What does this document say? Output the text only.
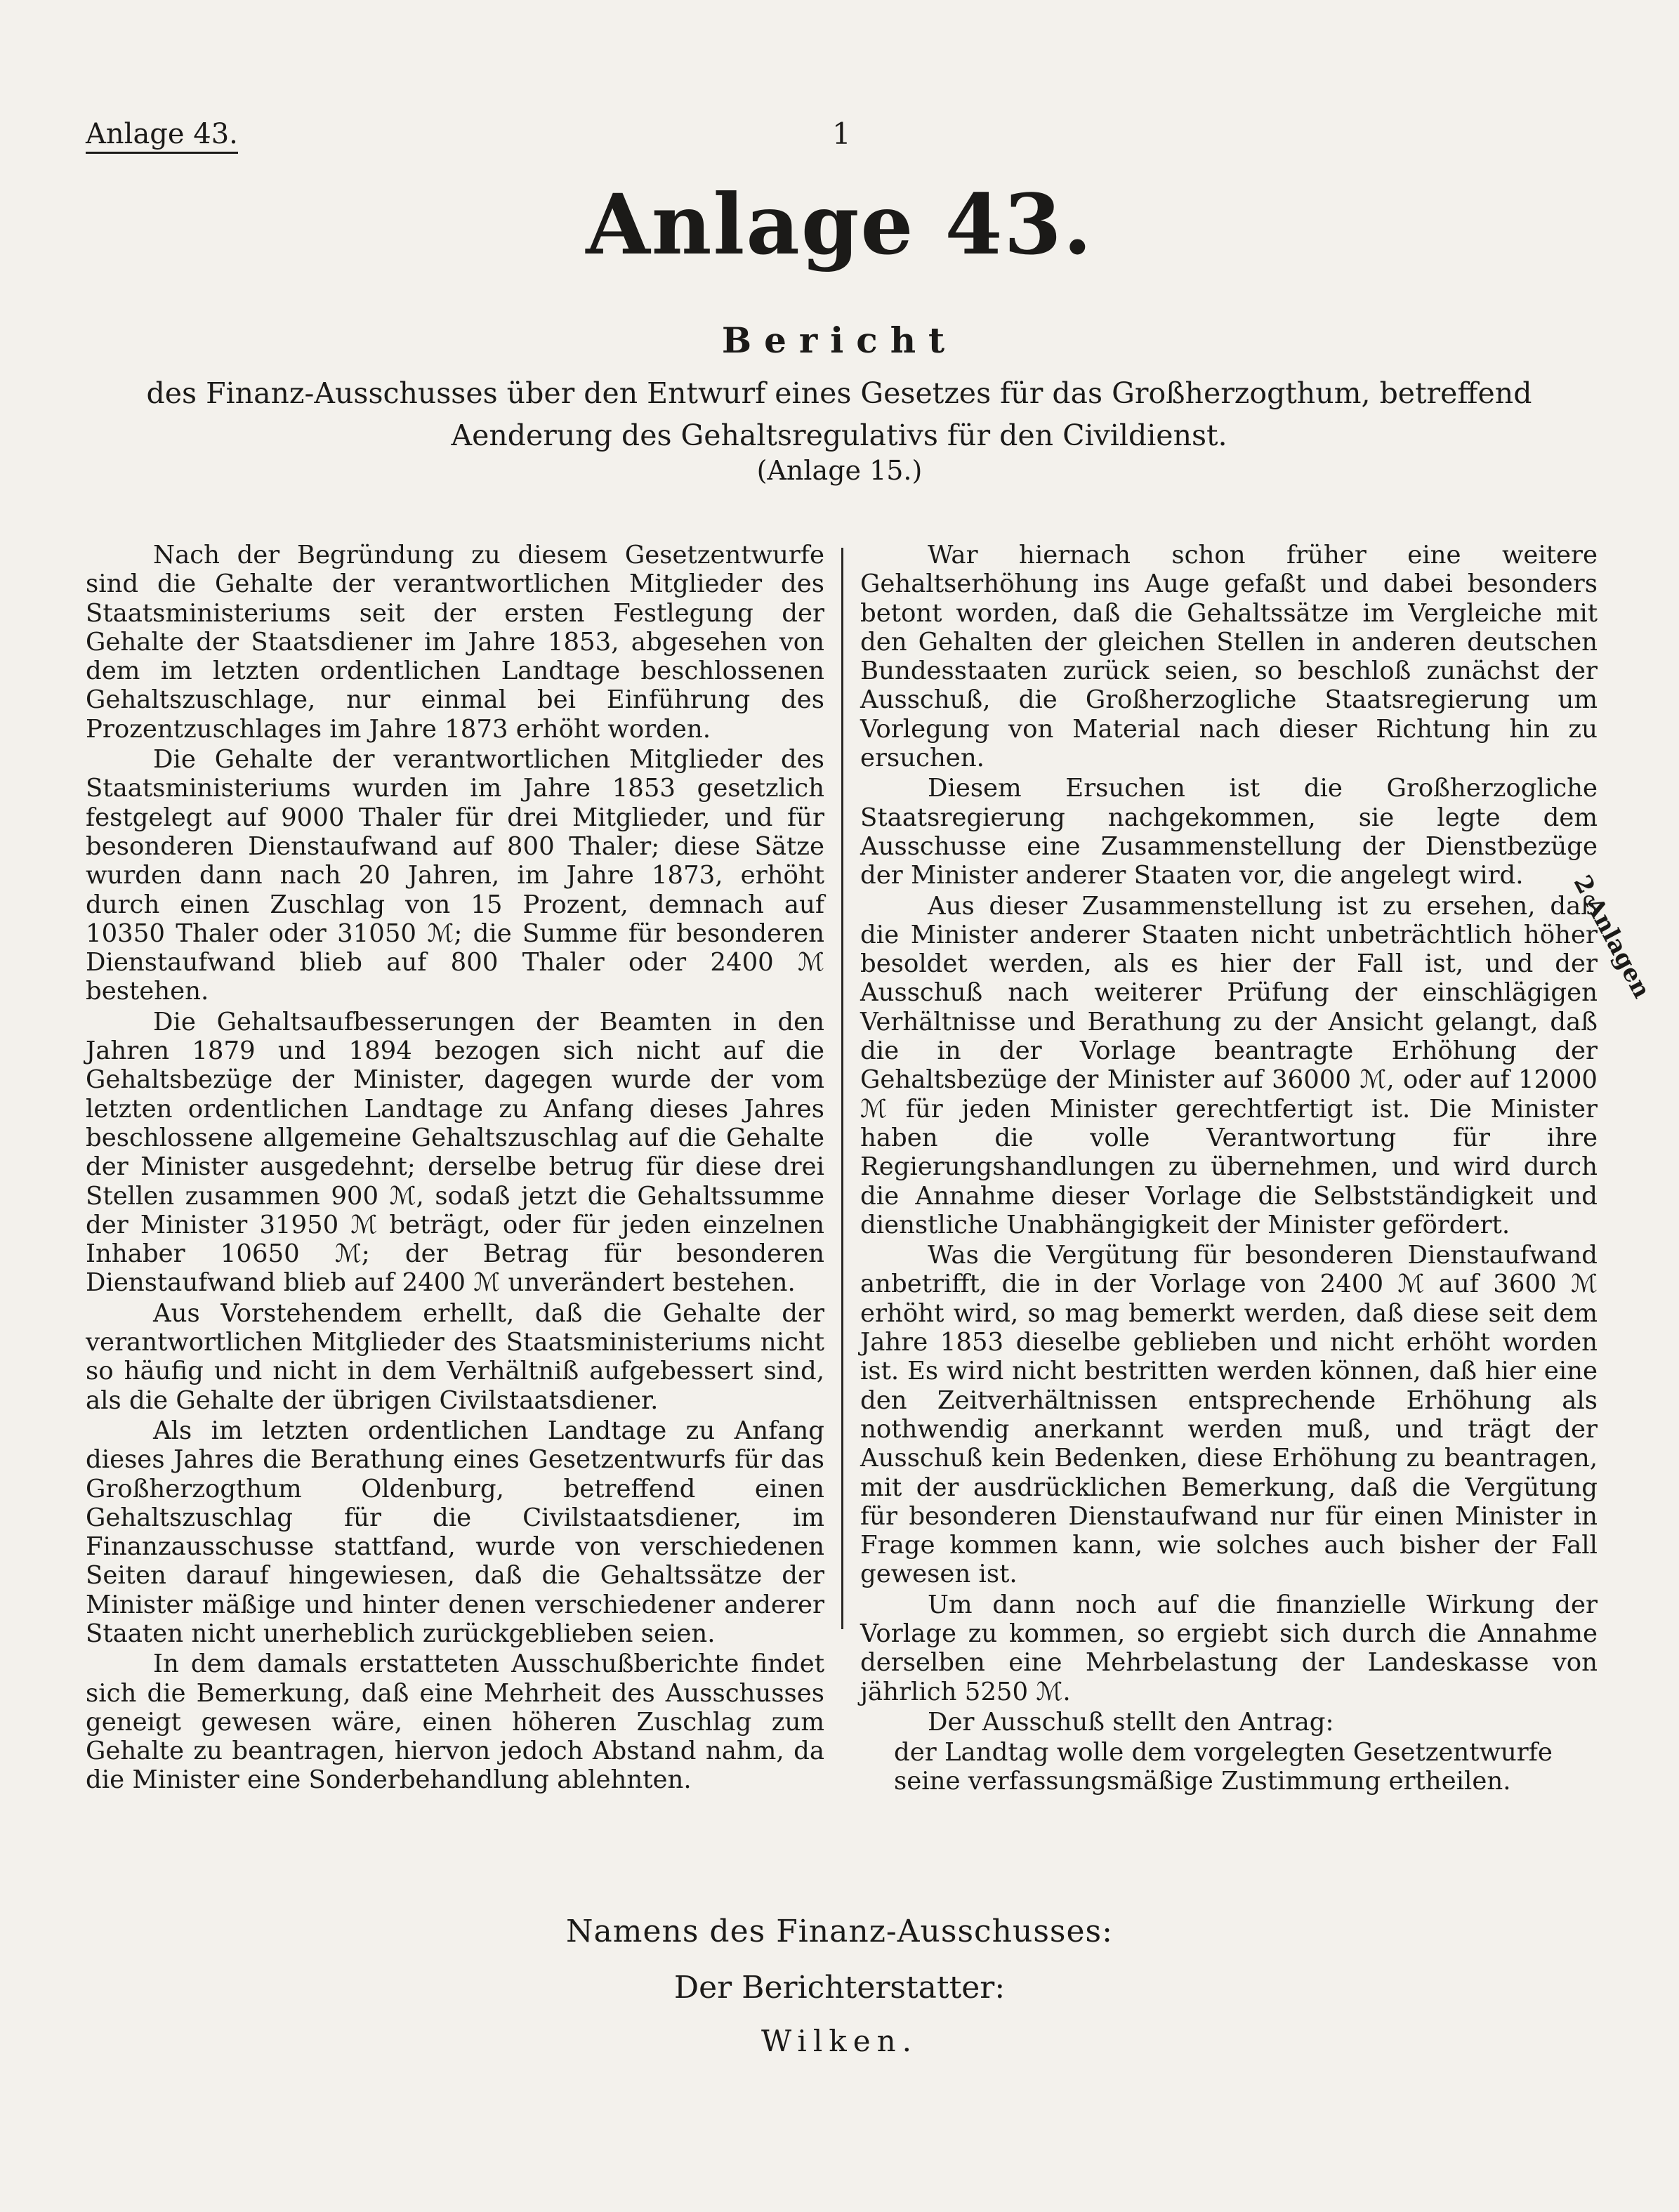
Anlage 43.	1
Anlage 43.
Bericht
des Finanz-Ausschusses über den Entwurf eines Gesetzes für das Großherzogthum, betreffend
Aenderung des Gehaltsregulativs für den Civildienst.
(Anlage 15.)

Nach der Begründung zu diesem Gesetzentwurfe sind die Gehalte der verantwortlichen Mitglieder des Staatsministeriums seit der ersten Festlegung der Gehalte der Staatsdiener im Jahre 1853, abgesehen von dem im letzten ordentlichen Landtage beschlossenen Gehaltszuschlage, nur einmal bei Einführung des Prozentzuschlages im Jahre 1873 erhöht worden.

Die Gehalte der verantwortlichen Mitglieder des Staatsministeriums wurden im Jahre 1853 gesetzlich festgelegt auf 9000 Thaler für drei Mitglieder, und für besonderen Dienstaufwand auf 800 Thaler; diese Sätze wurden dann nach 20 Jahren, im Jahre 1873, erhöht durch einen Zuschlag von 15 Prozent, demnach auf 10350 Thaler oder 31050 ℳ; die Summe für besonderen Dienstaufwand blieb auf 800 Thaler oder 2400 ℳ bestehen.

Die Gehaltsaufbesserungen der Beamten in den Jahren 1879 und 1894 bezogen sich nicht auf die Gehaltsbezüge der Minister, dagegen wurde der vom letzten ordentlichen Landtage zu Anfang dieses Jahres beschlossene allgemeine Gehaltszuschlag auf die Gehalte der Minister ausgedehnt; derselbe betrug für diese drei Stellen zusammen 900 ℳ, sodaß jetzt die Gehaltssumme der Minister 31950 ℳ beträgt, oder für jeden einzelnen Inhaber 10650 ℳ; der Betrag für besonderen Dienstaufwand blieb auf 2400 ℳ unverändert bestehen.

Aus Vorstehendem erhellt, daß die Gehalte der verantwortlichen Mitglieder des Staatsministeriums nicht so häufig und nicht in dem Verhältniß aufgebessert sind, als die Gehalte der übrigen Civilstaatsdiener.

Als im letzten ordentlichen Landtage zu Anfang dieses Jahres die Berathung eines Gesetzentwurfs für das Großherzogthum Oldenburg, betreffend einen Gehaltszuschlag für die Civilstaatsdiener, im Finanzausschusse stattfand, wurde von verschiedenen Seiten darauf hingewiesen, daß die Gehaltssätze der Minister mäßige und hinter denen verschiedener anderer Staaten nicht unerheblich zurückgeblieben seien.

In dem damals erstatteten Ausschußberichte findet sich die Bemerkung, daß eine Mehrheit des Ausschusses geneigt gewesen wäre, einen höheren Zuschlag zum Gehalte zu beantragen, hiervon jedoch Abstand nahm, da die Minister eine Sonderbehandlung ablehnten.

War hiernach schon früher eine weitere Gehaltserhöhung ins Auge gefaßt und dabei besonders betont worden, daß die Gehaltssätze im Vergleiche mit den Gehalten der gleichen Stellen in anderen deutschen Bundesstaaten zurück seien, so beschloß zunächst der Ausschuß, die Großherzogliche Staatsregierung um Vorlegung von Material nach dieser Richtung hin zu ersuchen.

Diesem Ersuchen ist die Großherzogliche Staatsregierung nachgekommen, sie legte dem Ausschusse eine Zusammenstellung der Dienstbezüge der Minister anderer Staaten vor, die angelegt wird.

Aus dieser Zusammenstellung ist zu ersehen, daß die Minister anderer Staaten nicht unbeträchtlich höher besoldet werden, als es hier der Fall ist, und der Ausschuß nach weiterer Prüfung der einschlägigen Verhältnisse und Berathung zu der Ansicht gelangt, daß die in der Vorlage beantragte Erhöhung der Gehaltsbezüge der Minister auf 36000 ℳ, oder auf 12000 ℳ für jeden Minister gerechtfertigt ist. Die Minister haben die volle Verantwortung für ihre Regierungshandlungen zu übernehmen, und wird durch die Annahme dieser Vorlage die Selbstständigkeit und dienstliche Unabhängigkeit der Minister gefördert.

Was die Vergütung für besonderen Dienstaufwand anbetrifft, die in der Vorlage von 2400 ℳ auf 3600 ℳ erhöht wird, so mag bemerkt werden, daß diese seit dem Jahre 1853 dieselbe geblieben und nicht erhöht worden ist. Es wird nicht bestritten werden können, daß hier eine den Zeitverhältnissen entsprechende Erhöhung als nothwendig anerkannt werden muß, und trägt der Ausschuß kein Bedenken, diese Erhöhung zu beantragen, mit der ausdrücklichen Bemerkung, daß die Vergütung für besonderen Dienstaufwand nur für einen Minister in Frage kommen kann, wie solches auch bisher der Fall gewesen ist.

Um dann noch auf die finanzielle Wirkung der Vorlage zu kommen, so ergiebt sich durch die Annahme derselben eine Mehrbelastung der Landeskasse von jährlich 5250 ℳ.

Der Ausschuß stellt den Antrag:

der Landtag wolle dem vorgelegten Gesetzentwurfe seine verfassungsmäßige Zustimmung ertheilen.

2 Anlagen
Namens des Finanz-Ausschusses:
Der Berichterstatter:
Wilken.
